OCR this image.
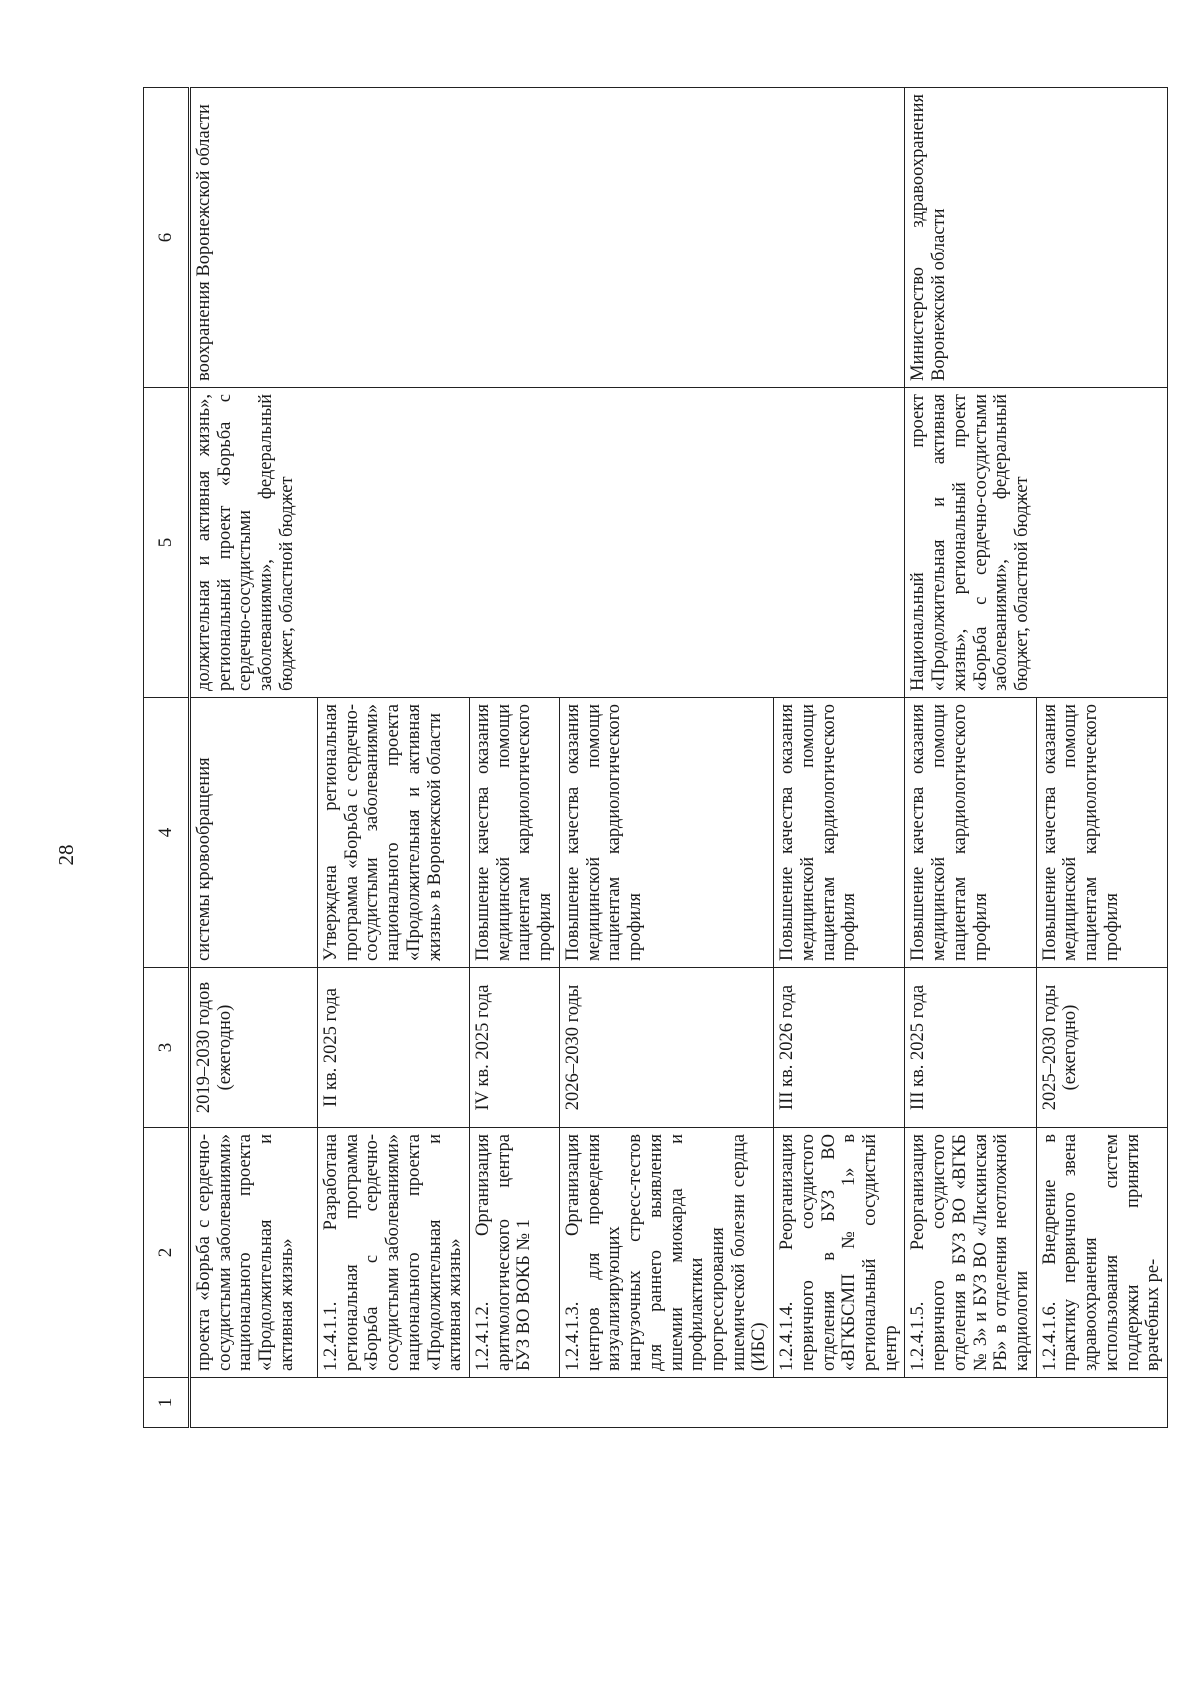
28
1	2	3	4	5	6
	проекта «Борьба с сердечно-сосудистыми заболеваниями» национального проекта «Продолжительная и активная жизнь»	2019–2030 годов (ежегодно)	системы кровообращения	должительная и активная жизнь», региональный проект «Борьба с сердечно-сосудистыми заболеваниями», федеральный бюджет, областной бюджет	воохранения Воронежской области
	1.2.4.1.1. Разработана региональная программа «Борьба с сердечно-сосудистыми заболеваниями» национального проекта «Продолжительная и активная жизнь»	II кв. 2025 года	Утверждена региональная программа «Борьба с сердечно-сосудистыми заболеваниями» национального проекта «Продолжительная и активная жизнь» в Воронежской области		
	1.2.4.1.2. Организация аритмологического центра БУЗ ВО ВОКБ № 1	IV кв. 2025 года	Повышение качества оказания медицинской помощи пациентам кардиологического профиля		
	1.2.4.1.3. Организация центров для проведения визуализирующих нагрузочных стресс-тестов для раннего выявления ишемии миокарда и профилактики прогрессирования ишемической болезни сердца (ИБС)	2026–2030 годы	Повышение качества оказания медицинской помощи пациентам кардиологического профиля		
	1.2.4.1.4. Реорганизация первичного сосудистого отделения в БУЗ ВО «ВГКБСМП № 1» в региональный сосудистый центр	III кв. 2026 года	Повышение качества оказания медицинской помощи пациентам кардиологического профиля		
	1.2.4.1.5. Реорганизация первичного сосудистого отделения в БУЗ ВО «ВГКБ № 3» и БУЗ ВО «Лискинская РБ» в отделения неотложной кардиологии	III кв. 2025 года	Повышение качества оказания медицинской помощи пациентам кардиологического профиля	Национальный проект «Продолжительная и активная жизнь», региональный проект «Борьба с сердечно-сосудистыми заболеваниями», федеральный бюджет, областной бюджет	Министерство здравоохранения Воронежской области
	1.2.4.1.6. Внедрение в практику первичного звена здравоохранения использования систем поддержки принятия врачебных ре-	2025–2030 годы (ежегодно)	Повышение качества оказания медицинской помощи пациентам кардиологического профиля		
